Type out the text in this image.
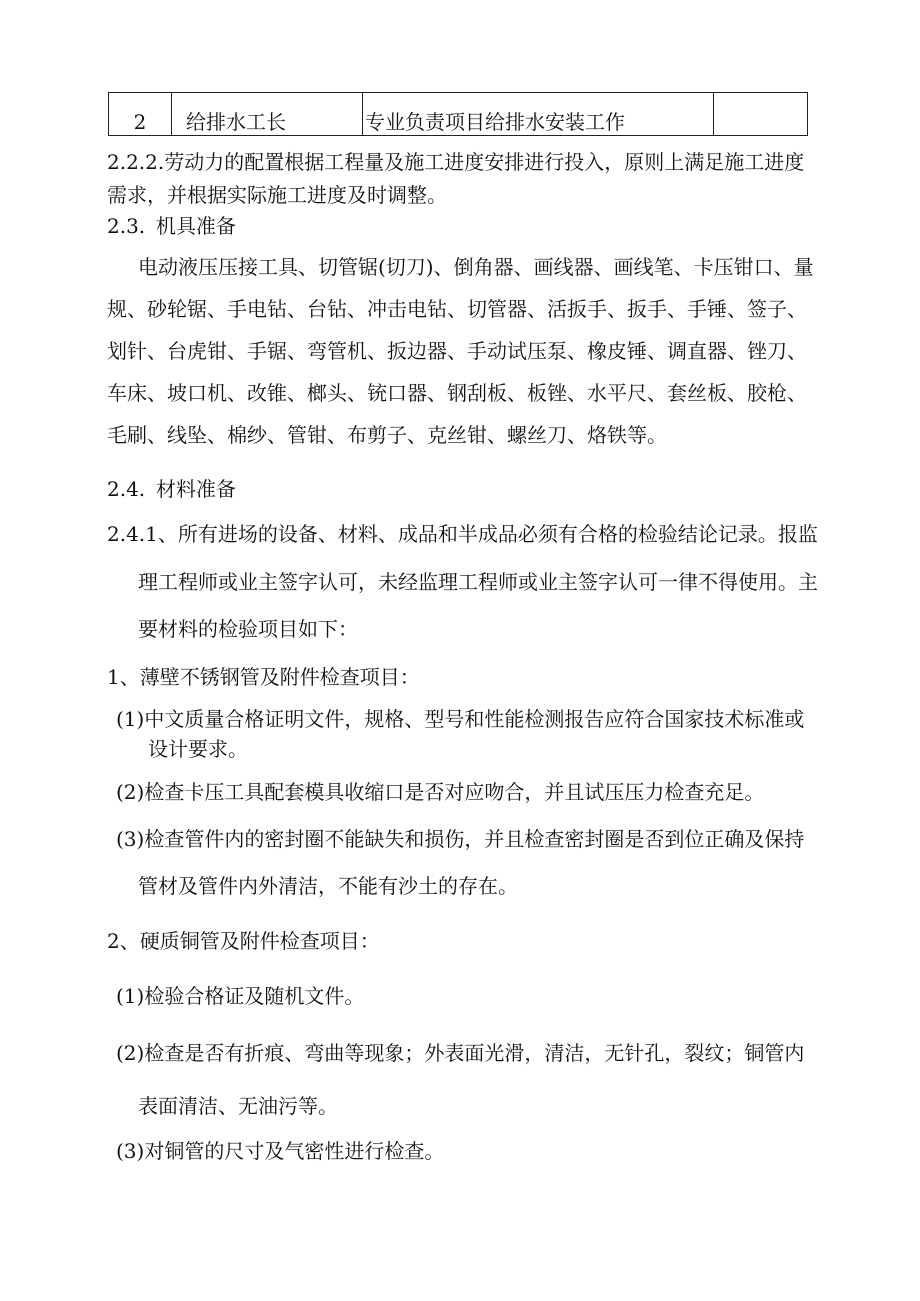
2	给排水工长	专业负责项目给排水安装工作	
2.2.2.劳动力的配置根据工程量及施工进度安排进行投入，原则上满足施工进度
需求，并根据实际施工进度及时调整。
2.3. 机具准备
电动液压压接工具、切管锯(切刀)、倒角器、画线器、画线笔、卡压钳口、量
规、砂轮锯、手电钻、台钻、冲击电钻、切管器、活扳手、扳手、手锤、签子、
划针、台虎钳、手锯、弯管机、扳边器、手动试压泵、橡皮锤、调直器、锉刀、
车床、坡口机、改锥、榔头、铳口器、钢刮板、板锉、水平尺、套丝板、胶枪、
毛刷、线坠、棉纱、管钳、布剪子、克丝钳、螺丝刀、烙铁等。
2.4. 材料准备
2.4.1、所有进场的设备、材料、成品和半成品必须有合格的检验结论记录。报监
理工程师或业主签字认可，未经监理工程师或业主签字认可一律不得使用。主
要材料的检验项目如下：
1、薄壁不锈钢管及附件检查项目：
(1)中文质量合格证明文件，规格、型号和性能检测报告应符合国家技术标准或
设计要求。
(2)检查卡压工具配套模具收缩口是否对应吻合，并且试压压力检查充足。
(3)检查管件内的密封圈不能缺失和损伤，并且检查密封圈是否到位正确及保持
管材及管件内外清洁，不能有沙土的存在。
2、硬质铜管及附件检查项目：
(1)检验合格证及随机文件。
(2)检查是否有折痕、弯曲等现象；外表面光滑，清洁，无针孔，裂纹；铜管内
表面清洁、无油污等。
(3)对铜管的尺寸及气密性进行检查。
